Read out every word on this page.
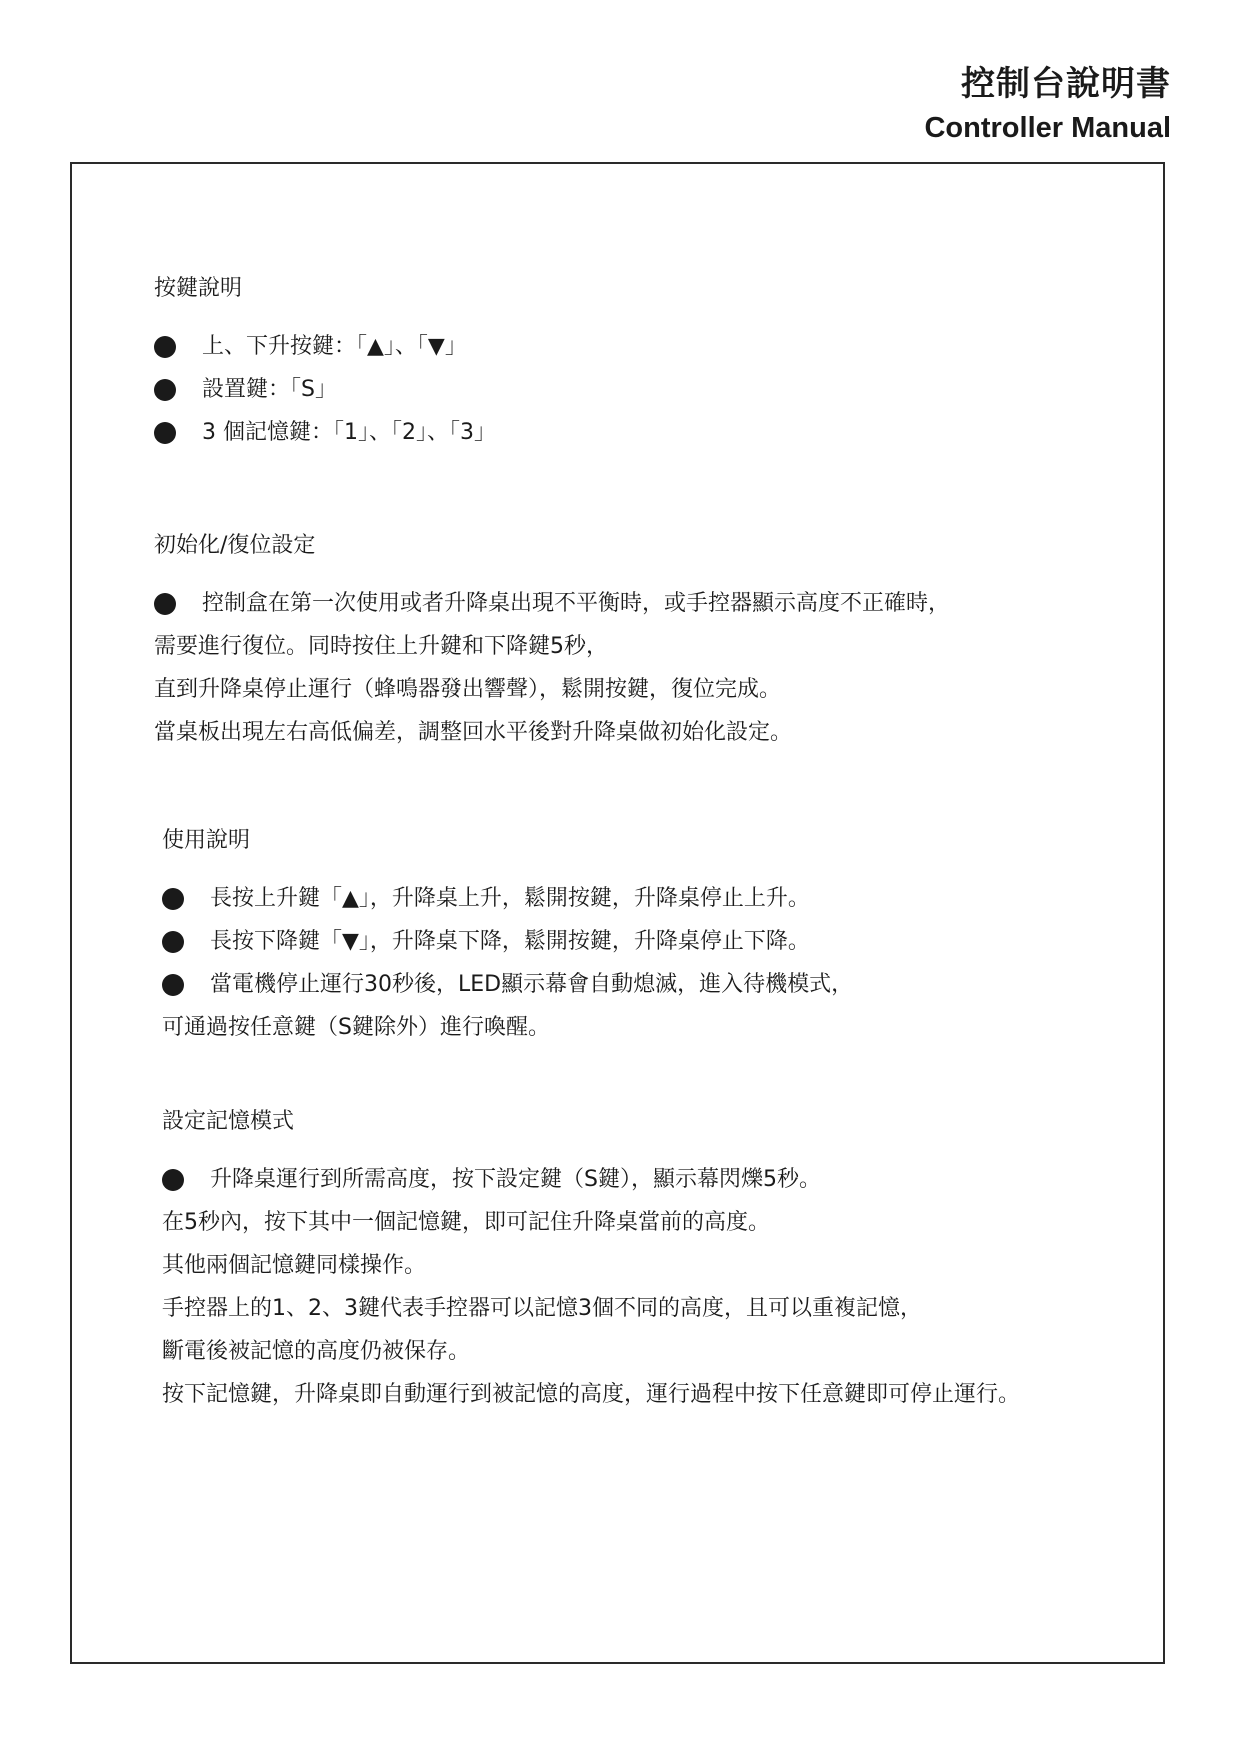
控制台說明書
Controller Manual
按鍵說明
上、下升按鍵：「▲」、「▼」
設置鍵：「S」
3 個記憶鍵：「1」、「2」、「3」
初始化/復位設定
控制盒在第一次使用或者升降桌出現不平衡時，或手控器顯示高度不正確時，
需要進行復位。同時按住上升鍵和下降鍵5秒，
直到升降桌停止運行（蜂鳴器發出響聲），鬆開按鍵，復位完成。
當桌板出現左右高低偏差，調整回水平後對升降桌做初始化設定。
使用說明
長按上升鍵「▲」，升降桌上升，鬆開按鍵，升降桌停止上升。
長按下降鍵「▼」，升降桌下降，鬆開按鍵，升降桌停止下降。
當電機停止運行30秒後，LED顯示幕會自動熄滅，進入待機模式，
可通過按任意鍵（S鍵除外）進行喚醒。
設定記憶模式
升降桌運行到所需高度，按下設定鍵（S鍵），顯示幕閃爍5秒。
在5秒內，按下其中一個記憶鍵，即可記住升降桌當前的高度。
其他兩個記憶鍵同樣操作。
手控器上的1、2、3鍵代表手控器可以記憶3個不同的高度，且可以重複記憶，
斷電後被記憶的高度仍被保存。
按下記憶鍵，升降桌即自動運行到被記憶的高度，運行過程中按下任意鍵即可停止運行。
